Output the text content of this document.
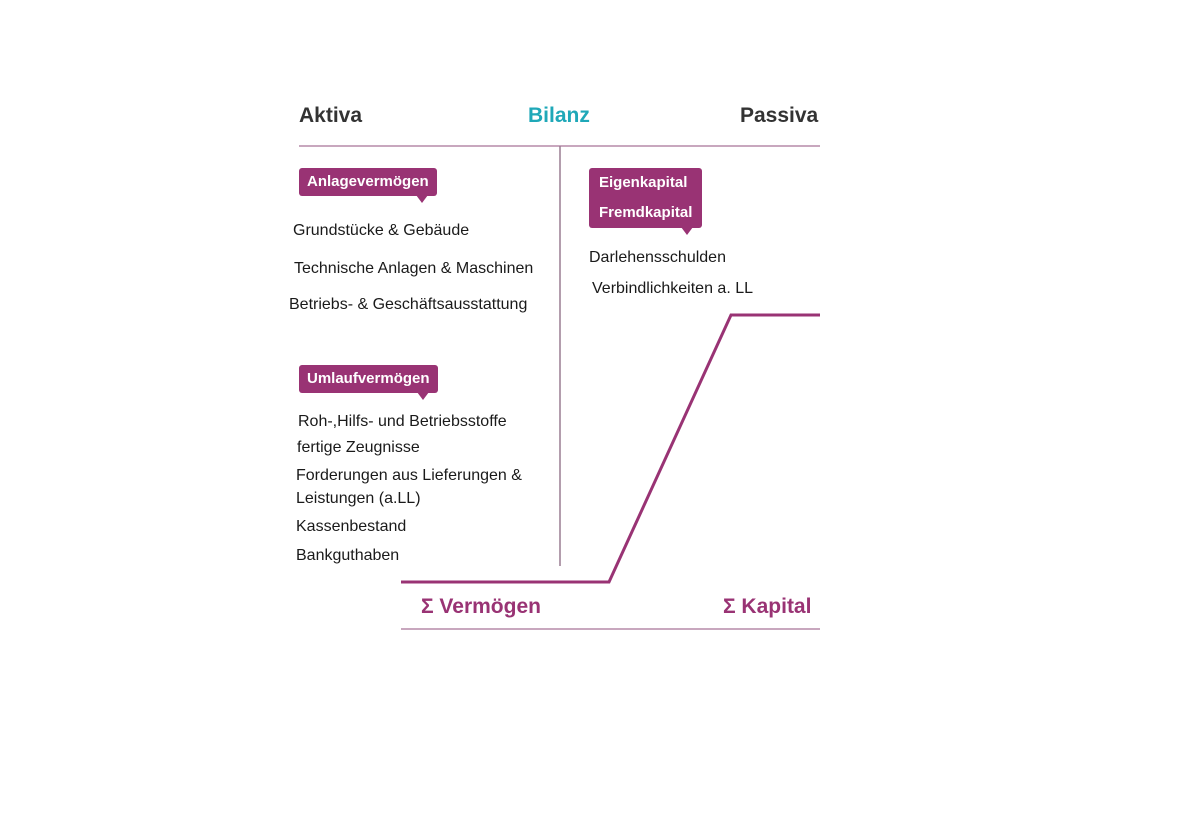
Aktiva	Bilanz	Passiva
Anlagevermögen
Grundstücke & Gebäude
Technische Anlagen & Maschinen
Betriebs- & Geschäftsausstattung
Umlaufvermögen
Roh-,Hilfs- und Betriebsstoffe
fertige Zeugnisse
Forderungen aus Lieferungen &
Leistungen (a.LL)
Kassenbestand
Bankguthaben
Eigenkapital
Fremdkapital
Darlehensschulden
Verbindlichkeiten a. LL
Σ Vermögen	Σ Kapital
